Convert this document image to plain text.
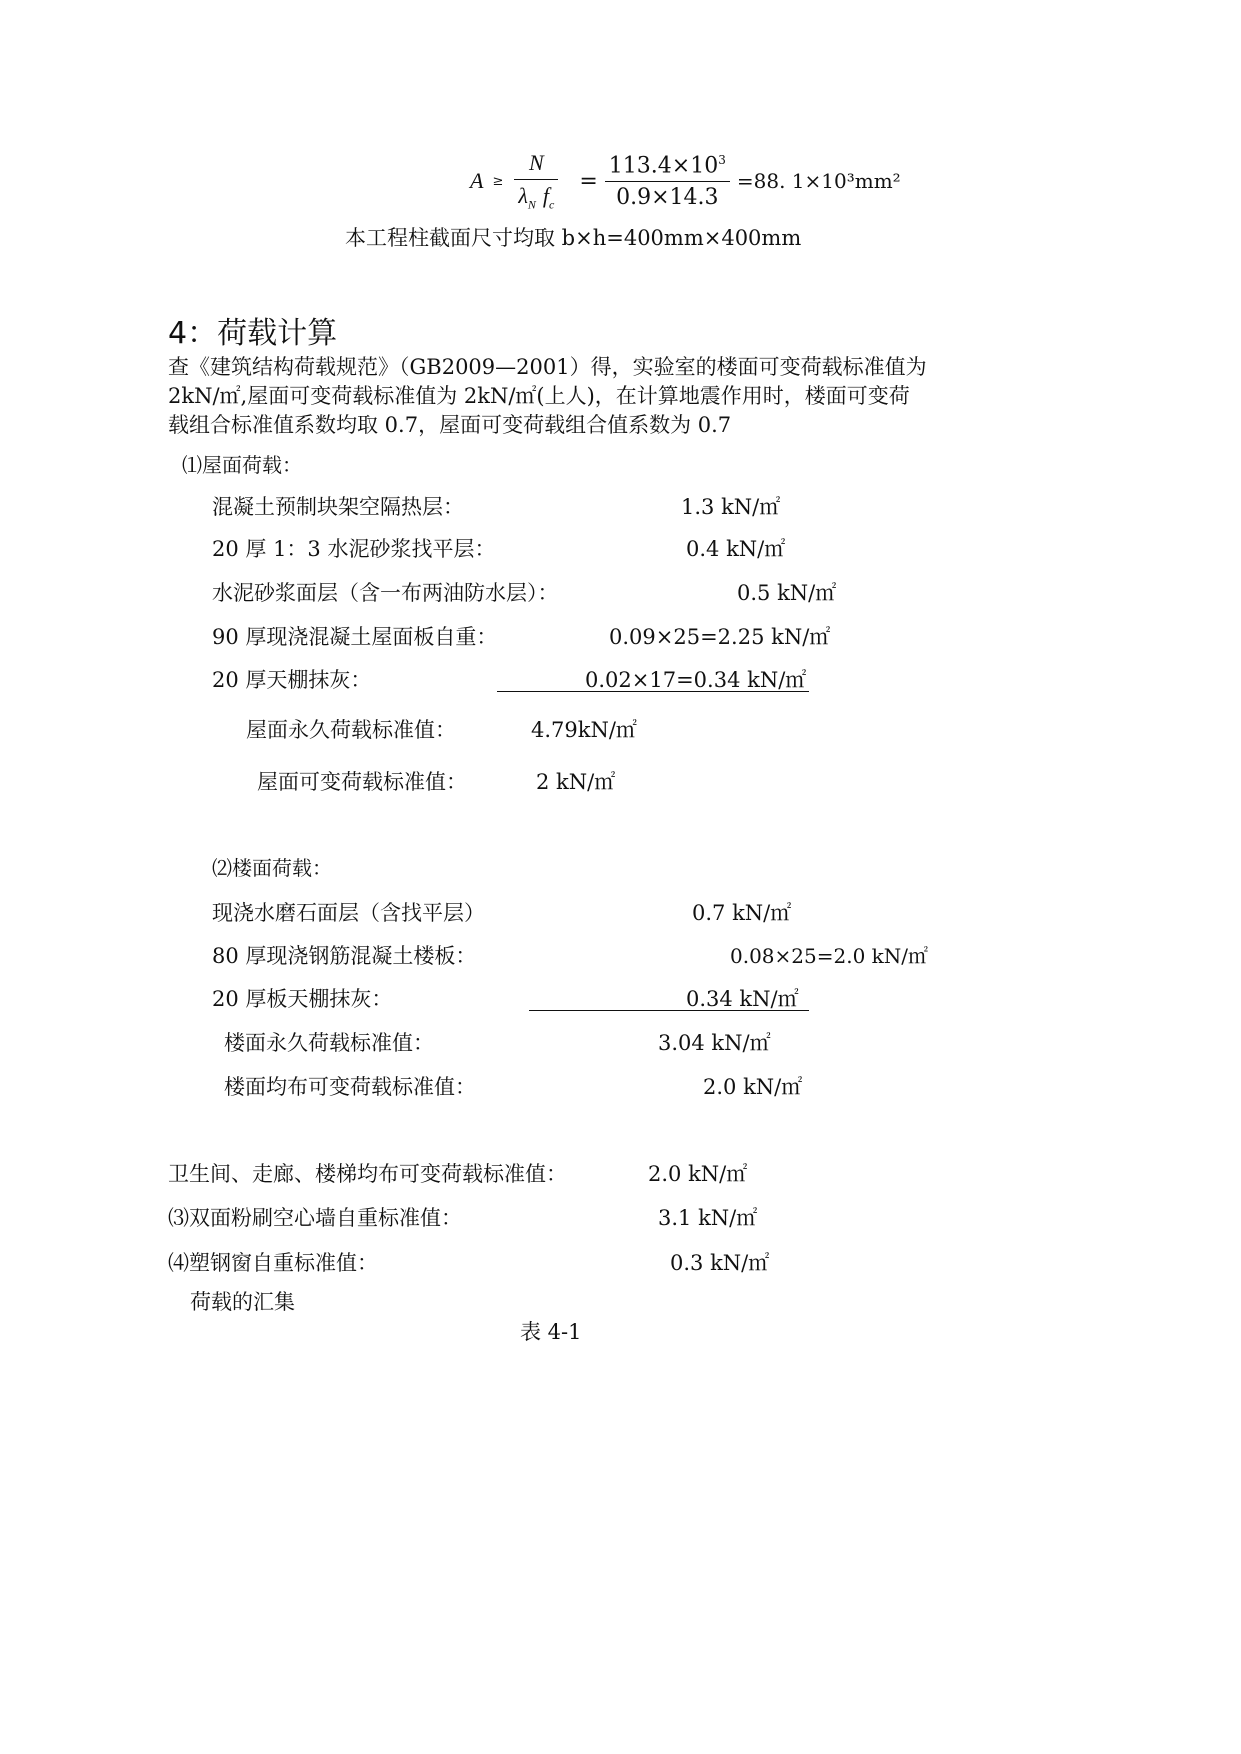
$A \ge \frac{N}{\lambda_N f_c} = \frac{113.4\times 10^3}{0.9\times 14.3} =88$. 1×10³mm²
本工程柱截面尺寸均取 b×h=400mm×400mm
4：荷载计算
查《建筑结构荷载规范》（GB2009—2001）得，实验室的楼面可变荷载标准值为
2kN/㎡,屋面可变荷载标准值为 2kN/㎡(上人)，在计算地震作用时，楼面可变荷
载组合标准值系数均取 0.7，屋面可变荷载组合值系数为 0.7
⑴屋面荷载：
混凝土预制块架空隔热层：	1.3 kN/㎡
20 厚 1：3 水泥砂浆找平层：	0.4 kN/㎡
水泥砂浆面层（含一布两油防水层）：	0.5 kN/㎡
90 厚现浇混凝土屋面板自重：	0.09×25=2.25 kN/㎡
20 厚天棚抹灰：	0.02×17=0.34 kN/㎡
屋面永久荷载标准值：	4.79kN/㎡
屋面可变荷载标准值：	2 kN/㎡
⑵楼面荷载：
现浇水磨石面层（含找平层）	0.7 kN/㎡
80 厚现浇钢筋混凝土楼板：	0.08×25=2.0 kN/㎡
20 厚板天棚抹灰：	0.34 kN/㎡
楼面永久荷载标准值：	3.04 kN/㎡
楼面均布可变荷载标准值：	2.0 kN/㎡
卫生间、走廊、楼梯均布可变荷载标准值：	2.0 kN/㎡
⑶双面粉刷空心墙自重标准值：	3.1 kN/㎡
⑷塑钢窗自重标准值：	0.3 kN/㎡
荷载的汇集
表 4-1
